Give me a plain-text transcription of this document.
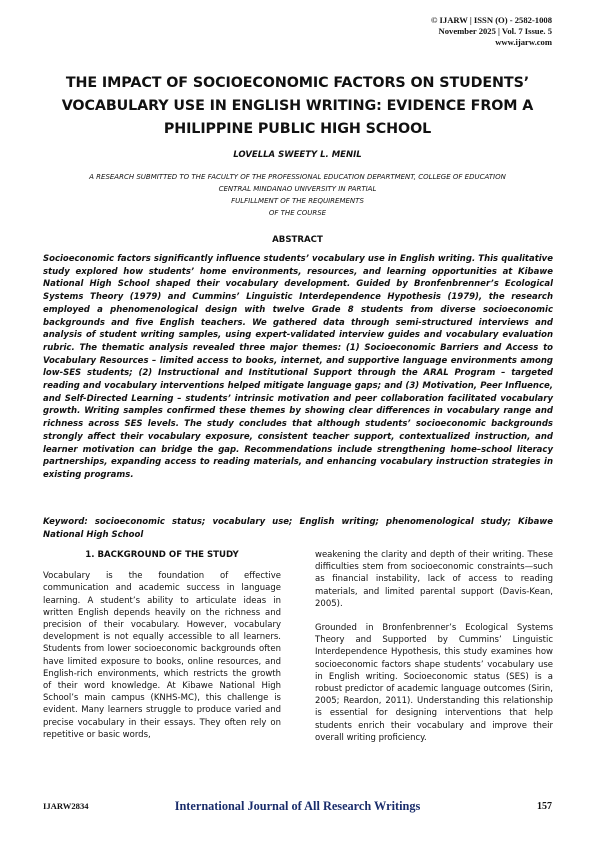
© IJARW | ISSN (O) - 2582-1008
November 2025 | Vol. 7 Issue. 5
www.ijarw.com
THE IMPACT OF SOCIOECONOMIC FACTORS ON STUDENTS’ VOCABULARY USE IN ENGLISH WRITING: EVIDENCE FROM A PHILIPPINE PUBLIC HIGH SCHOOL
LOVELLA SWEETY L. MENIL
A RESEARCH SUBMITTED TO THE FACULTY OF THE PROFESSIONAL EDUCATION DEPARTMENT, COLLEGE OF EDUCATION
CENTRAL MINDANAO UNIVERSITY IN PARTIAL
FULFILLMENT OF THE REQUIREMENTS
OF THE COURSE
ABSTRACT
Socioeconomic factors significantly influence students’ vocabulary use in English writing. This qualitative study explored how students’ home environments, resources, and learning opportunities at Kibawe National High School shaped their vocabulary development. Guided by Bronfenbrenner’s Ecological Systems Theory (1979) and Cummins’ Linguistic Interdependence Hypothesis (1979), the research employed a phenomenological design with twelve Grade 8 students from diverse socioeconomic backgrounds and five English teachers. We gathered data through semi-structured interviews and analysis of student writing samples, using expert-validated interview guides and vocabulary evaluation rubric. The thematic analysis revealed three major themes: (1) Socioeconomic Barriers and Access to Vocabulary Resources – limited access to books, internet, and supportive language environments among low-SES students; (2) Instructional and Institutional Support through the ARAL Program – targeted reading and vocabulary interventions helped mitigate language gaps; and (3) Motivation, Peer Influence, and Self-Directed Learning – students’ intrinsic motivation and peer collaboration facilitated vocabulary growth. Writing samples confirmed these themes by showing clear differences in vocabulary range and richness across SES levels. The study concludes that although students’ socioeconomic backgrounds strongly affect their vocabulary exposure, consistent teacher support, contextualized instruction, and learner motivation can bridge the gap. Recommendations include strengthening home–school literacy partnerships, expanding access to reading materials, and enhancing vocabulary instruction strategies in existing programs.
Keyword: socioeconomic status; vocabulary use; English writing; phenomenological study; Kibawe National High School
1. BACKGROUND OF THE STUDY

Vocabulary is the foundation of effective communication and academic success in language learning. A student’s ability to articulate ideas in written English depends heavily on the richness and precision of their vocabulary. However, vocabulary development is not equally accessible to all learners. Students from lower socioeconomic backgrounds often have limited exposure to books, online resources, and English-rich environments, which restricts the growth of their word knowledge. At Kibawe National High School’s main campus (KNHS-MC), this challenge is evident. Many learners struggle to produce varied and precise vocabulary in their essays. They often rely on repetitive or basic words,

weakening the clarity and depth of their writing. These difficulties stem from socioeconomic constraints—such as financial instability, lack of access to reading materials, and limited parental support (Davis-Kean, 2005).

Grounded in Bronfenbrenner’s Ecological Systems Theory and Supported by Cummins’ Linguistic Interdependence Hypothesis, this study examines how socioeconomic factors shape students’ vocabulary use in English writing. Socioeconomic status (SES) is a robust predictor of academic language outcomes (Sirin, 2005; Reardon, 2011). Understanding this relationship is essential for designing interventions that help students enrich their vocabulary and improve their overall writing proficiency.

IJARW2834	International Journal of All Research Writings	157
